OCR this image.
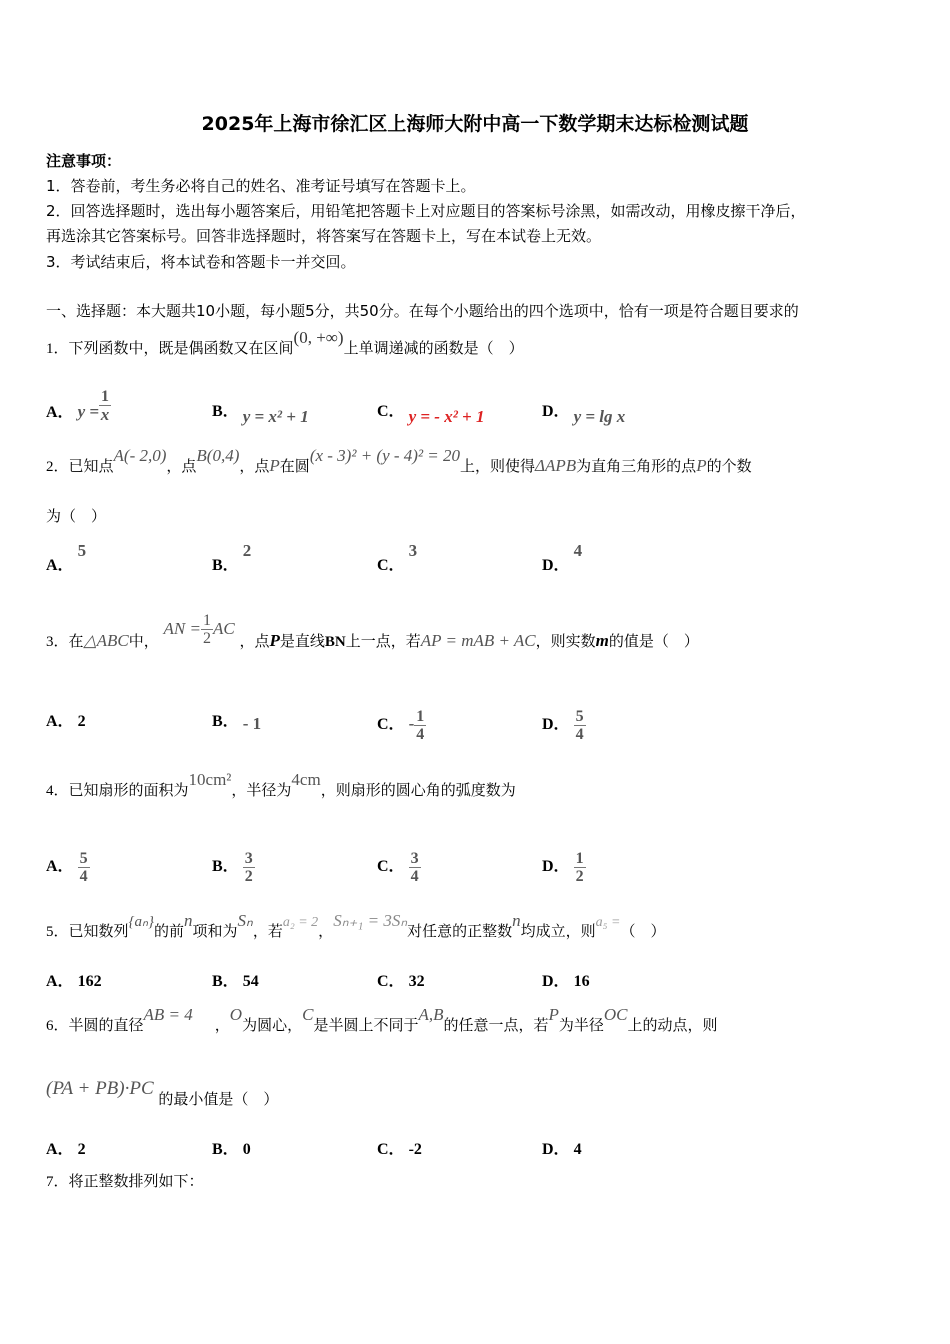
2025年上海市徐汇区上海师大附中高一下数学期末达标检测试题
注意事项：
1．答卷前，考生务必将自己的姓名、准考证号填写在答题卡上。
2．回答选择题时，选出每小题答案后，用铅笔把答题卡上对应题目的答案标号涂黑，如需改动，用橡皮擦干净后，
再选涂其它答案标号。回答非选择题时，将答案写在答题卡上，写在本试卷上无效。
3．考试结束后，将本试卷和答题卡一并交回。
一、选择题：本大题共10小题，每小题5分，共50分。在每个小题给出的四个选项中，恰有一项是符合题目要求的
1．下列函数中，既是偶函数又在区间(0, +∞)上单调递减的函数是（　）
A． $y = \frac{1}{x}$	B． y = x² + 1	C． y = - x² + 1	D． y = lg x
2．已知点A(- 2,0)，点B(0,4)，点P在圆(x - 3)² + (y - 4)² = 20上，则使得ΔAPB为直角三角形的点P的个数
为（　）
A． 5
B． 2
C． 3
D． 4
3．在△ABC中， AN = $\frac{1}{2}$ AC ，点P是直线BN上一点，若AP = mAB + AC，则实数m的值是（　）
A． 2	B． - 1	C． - $\frac{1}{4}$	D． $\frac{5}{4}$
4．已知扇形的面积为10cm²，半径为4cm，则扇形的圆心角的弧度数为
A． $\frac{5}{4}$	B． $\frac{3}{2}$	C． $\frac{3}{4}$	D． $\frac{1}{2}$
5．已知数列{aₙ}的前n项和为Sₙ，若a₂ = 2，Sₙ₊₁ = 3Sₙ对任意的正整数n均成立，则a₅ =（　）
A． 162	B． 54	C． 32	D． 16
6．半圆的直径AB = 4，O为圆心，C是半圆上不同于A,B的任意一点，若P为半径OC上的动点，则
(PA + PB)·PC 的最小值是（　）
A． 2	B． 0	C． -2	D． 4
7．将正整数排列如下：
